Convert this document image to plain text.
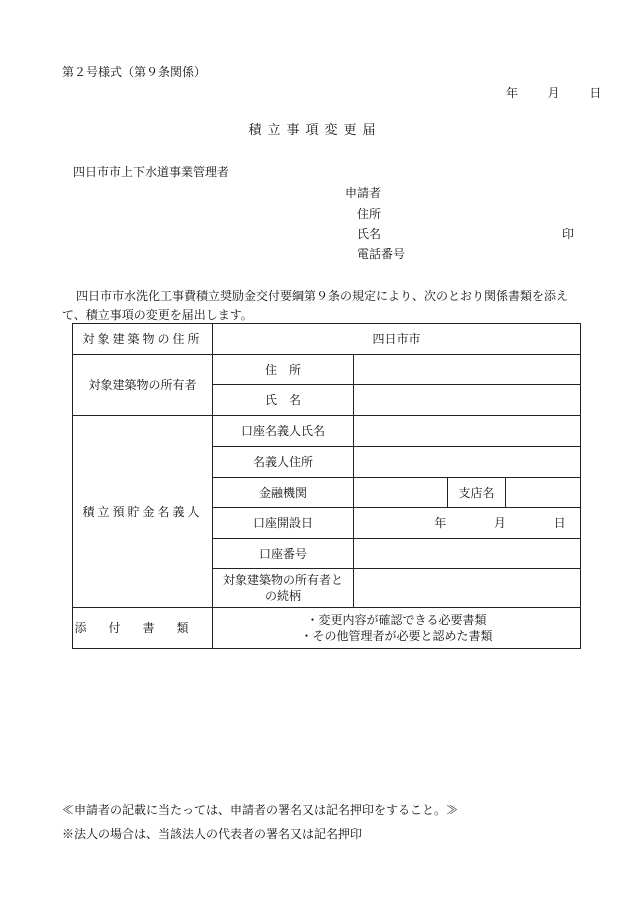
第２号様式（第９条関係）
年 月 日
積立事項変更届
四日市市上下水道事業管理者
申請者
住所
氏名	印
電話番号

四日市市水洗化工事費積立奨励金交付要綱第９条の規定により、次のとおり関係書類を添え

て、積立事項の変更を届出します。

対象建築物の住所	四日市市			
対象建築物の所有者	住　所			
	氏　名			
積立預貯金名義人	口座名義人氏名			
	名義人住所			
	金融機関		支店名	
	口座開設日	年 月 日		
	口座番号			
	対象建築物の所有者と
の続柄			
添付書類	・変更内容が確認できる必要書類
・その他管理者が必要と認めた書類			
≪申請者の記載に当たっては、申請者の署名又は記名押印をすること。≫
※法人の場合は、当該法人の代表者の署名又は記名押印
